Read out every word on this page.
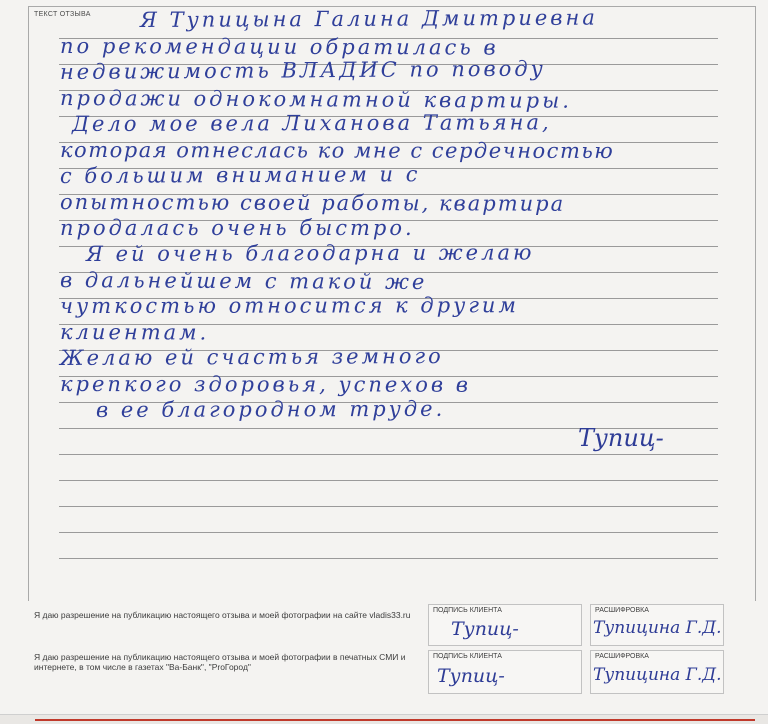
ТЕКСТ ОТЗЫВА Я Тупицына Галина Дмитриевна
по рекомендации обратилась в
недвижимость ВЛАДИС по поводу
продажи однокомнатной квартиры.
Дело мое вела Лиханова Татьяна,
которая отнеслась ко мне с сердечностью
с большим вниманием и с
опытностью своей работы, квартира
продалась очень быстро.
Я ей очень благодарна и желаю
в дальнейшем с такой же
чуткостью относится к другим
клиентам.
Желаю ей счастья земного
крепкого здоровья, успехов в
в ее благородном труде.
Тупиц-
Я даю разрешение на публикацию настоящего отзыва и моей фотографии на сайте vladis33.ru	ПОДПИСЬ КЛИЕНТА
Тупиц-
РАСШИФРОВКА
Тупицина Г.Д.
Я даю разрешение на публикацию настоящего отзыва и моей фотографии в печатных СМИ и интернете, в том числе в газетах "Ва-Банк", "ProГород"
ПОДПИСЬ КЛИЕНТА
Тупиц-
РАСШИФРОВКА
Тупицина Г.Д.
